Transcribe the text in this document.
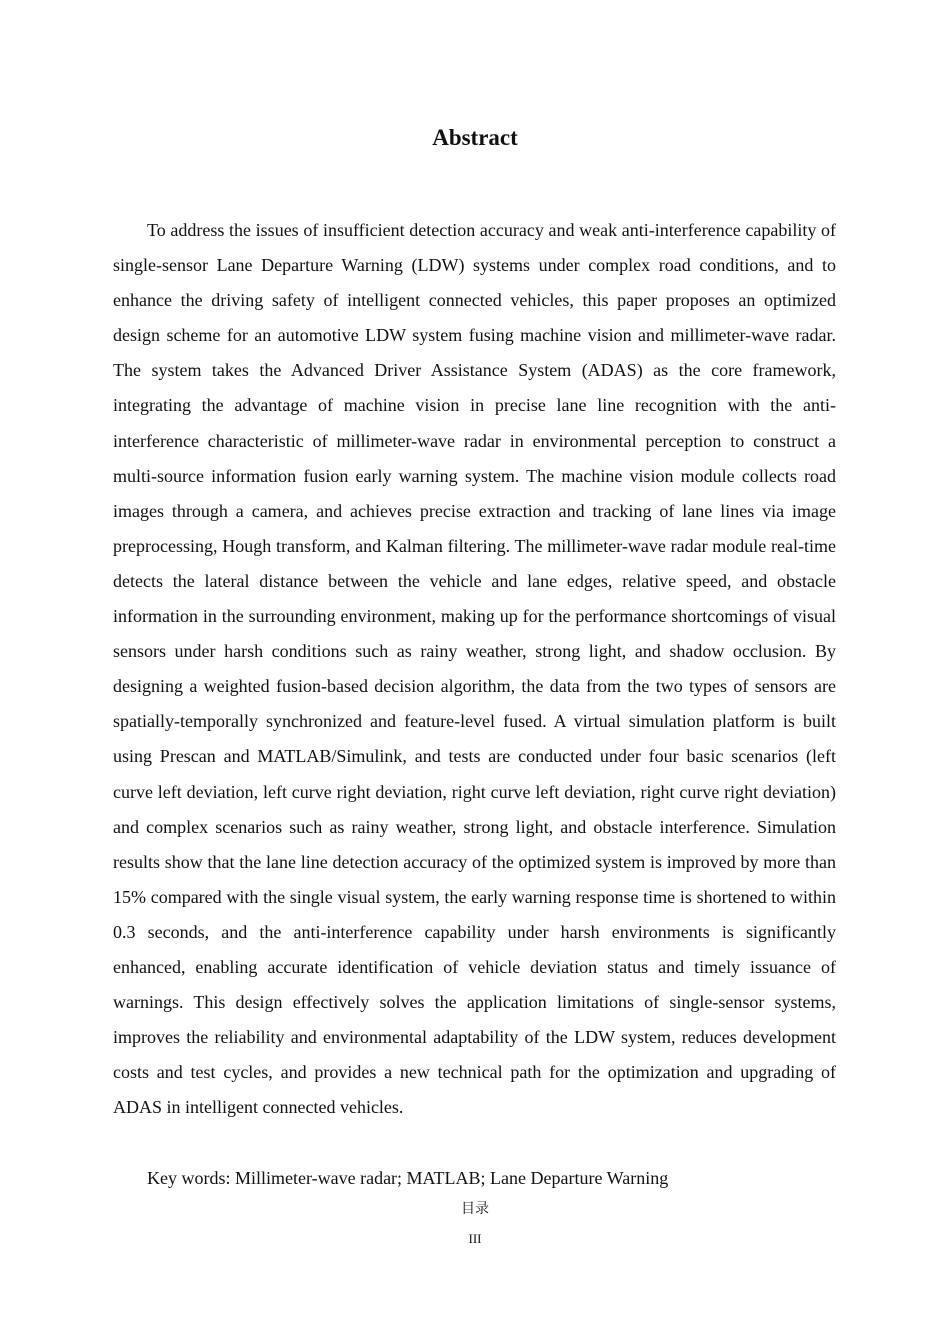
Abstract

To address the issues of insufficient detection accuracy and weak anti-interference capability of single-sensor Lane Departure Warning (LDW) systems under complex road conditions, and to enhance the driving safety of intelligent connected vehicles, this paper proposes an optimized design scheme for an automotive LDW system fusing machine vision and millimeter-wave radar. The system takes the Advanced Driver Assistance System (ADAS) as the core framework, integrating the advantage of machine vision in precise lane line recognition with the anti-interference characteristic of millimeter-wave radar in environmental perception to construct a multi-source information fusion early warning system. The machine vision module collects road images through a camera, and achieves precise extraction and tracking of lane lines via image preprocessing, Hough transform, and Kalman filtering. The millimeter-wave radar module real-time detects the lateral distance between the vehicle and lane edges, relative speed, and obstacle information in the surrounding environment, making up for the performance shortcomings of visual sensors under harsh conditions such as rainy weather, strong light, and shadow occlusion. By designing a weighted fusion-based decision algorithm, the data from the two types of sensors are spatially-temporally synchronized and feature-level fused. A virtual simulation platform is built using Prescan and MATLAB/Simulink, and tests are conducted under four basic scenarios (left curve left deviation, left curve right deviation, right curve left deviation, right curve right deviation) and complex scenarios such as rainy weather, strong light, and obstacle interference. Simulation results show that the lane line detection accuracy of the optimized system is improved by more than 15% compared with the single visual system, the early warning response time is shortened to within 0.3 seconds, and the anti-interference capability under harsh environments is significantly enhanced, enabling accurate identification of vehicle deviation status and timely issuance of warnings. This design effectively solves the application limitations of single-sensor systems, improves the reliability and environmental adaptability of the LDW system, reduces development costs and test cycles, and provides a new technical path for the optimization and upgrading of ADAS in intelligent connected vehicles.

Key words: Millimeter-wave radar; MATLAB; Lane Departure Warning

目录
III
